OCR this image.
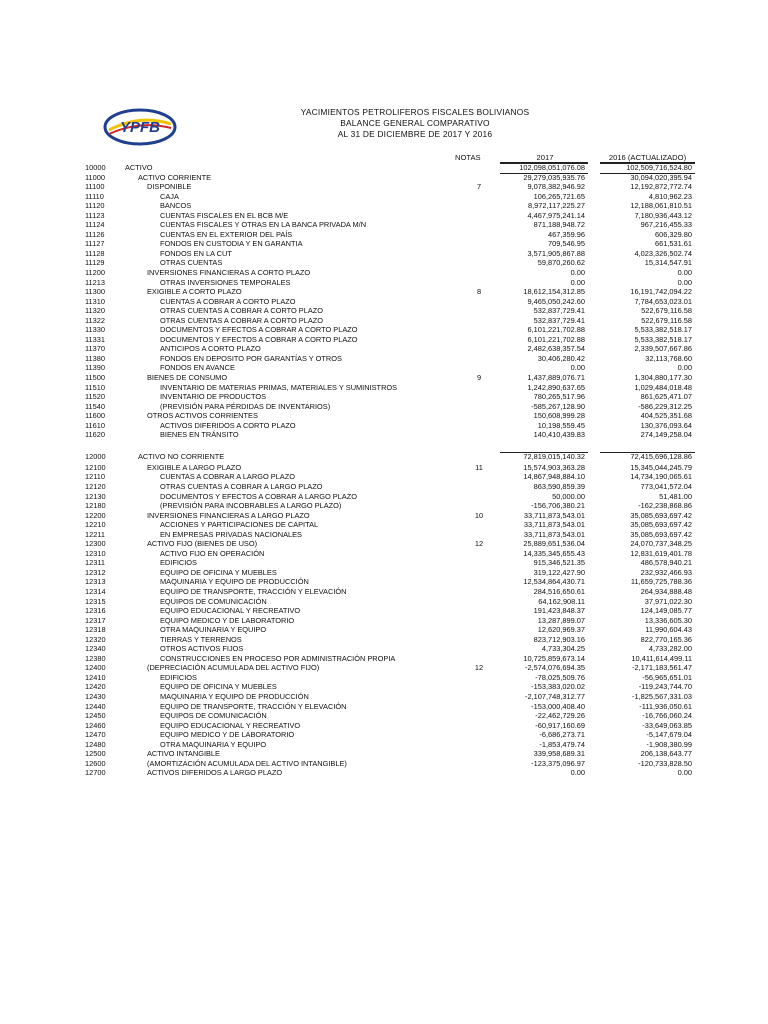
YPFB
YACIMIENTOS PETROLIFEROS FISCALES BOLIVIANOS
BALANCE GENERAL COMPARATIVO
AL 31 DE DICIEMBRE DE 2017 Y 2016
NOTAS	2017	2016 (ACTUALIZADO)
10000	ACTIVO	102,098,051,076.08	102,509,716,524.80
11000	ACTIVO CORRIENTE	29,279,035,935.76	30,094,020,395.94
11100	DISPONIBLE	7	9,078,382,946.92	12,192,872,772.74
11110	CAJA	106,265,721.65	4,810,962.23
11120	BANCOS	8,972,117,225.27	12,188,061,810.51
11123	CUENTAS FISCALES EN EL BCB M/E	4,467,975,241.14	7,180,936,443.12
11124	CUENTAS FISCALES Y OTRAS EN LA BANCA PRIVADA M/N	871,188,948.72	967,216,455.33
11126	CUENTAS EN EL EXTERIOR DEL PAÍS	467,359.96	606,329.80
11127	FONDOS EN CUSTODIA Y EN GARANTIA	709,546.95	661,531.61
11128	FONDOS EN LA CUT	3,571,905,867.88	4,023,326,502.74
11129	OTRAS CUENTAS	59,870,260.62	15,314,547.91
11200	INVERSIONES FINANCIERAS A CORTO PLAZO	0.00	0.00
11213	OTRAS INVERSIONES TEMPORALES	0.00	0.00
11300	EXIGIBLE A CORTO PLAZO	8	18,612,154,312.85	16,191,742,094.22
11310	CUENTAS A COBRAR A CORTO PLAZO	9,465,050,242.60	7,784,653,023.01
11320	OTRAS CUENTAS A COBRAR A CORTO PLAZO	532,837,729.41	522,679,116.58
11322	OTRAS CUENTAS A COBRAR A CORTO PLAZO	532,837,729.41	522,679,116.58
11330	DOCUMENTOS Y EFECTOS A COBRAR A CORTO PLAZO	6,101,221,702.88	5,533,382,518.17
11331	DOCUMENTOS Y EFECTOS A COBRAR A CORTO PLAZO	6,101,221,702.88	5,533,382,518.17
11370	ANTICIPOS A CORTO PLAZO	2,482,638,357.54	2,339,507,667.86
11380	FONDOS EN DEPOSITO POR GARANTÍAS Y OTROS	30,406,280.42	32,113,768.60
11390	FONDOS EN AVANCE	0.00	0.00
11500	BIENES DE CONSUMO	9	1,437,889,076.71	1,304,880,177.30
11510	INVENTARIO DE MATERIAS PRIMAS, MATERIALES Y SUMINISTROS	1,242,890,637.65	1,029,484,018.48
11520	INVENTARIO DE PRODUCTOS	780,265,517.96	861,625,471.07
11540	(PREVISIÓN PARA PÉRDIDAS DE INVENTARIOS)	-585,267,128.90	-586,229,312.25
11600	OTROS ACTIVOS CORRIENTES	150,608,999.28	404,525,351.68
11610	ACTIVOS DIFERIDOS A CORTO PLAZO	10,198,559.45	130,376,093.64
11620	BIENES EN TRÁNSITO	140,410,439.83	274,149,258.04
12000	ACTIVO NO CORRIENTE	72,819,015,140.32	72,415,696,128.86
12100	EXIGIBLE A LARGO PLAZO	11	15,574,903,363.28	15,345,044,245.79
12110	CUENTAS A COBRAR A LARGO PLAZO	14,867,948,884.10	14,734,190,065.61
12120	OTRAS CUENTAS A COBRAR A LARGO PLAZO	863,590,859.39	773,041,572.04
12130	DOCUMENTOS Y EFECTOS A COBRAR A LARGO PLAZO	50,000.00	51,481.00
12180	(PREVISIÓN PARA INCOBRABLES A LARGO PLAZO)	-156,706,380.21	-162,238,868.86
12200	INVERSIONES FINANCIERAS A LARGO PLAZO	10	33,711,873,543.01	35,085,693,697.42
12210	ACCIONES Y PARTICIPACIONES DE CAPITAL	33,711,873,543.01	35,085,693,697.42
12211	EN EMPRESAS PRIVADAS NACIONALES	33,711,873,543.01	35,085,693,697.42
12300	ACTIVO FIJO (BIENES DE USO)	12	25,889,651,536.04	24,070,737,348.25
12310	ACTIVO FIJO EN OPERACIÓN	14,335,345,655.43	12,831,619,401.78
12311	EDIFICIOS	915,346,521.35	486,578,940.21
12312	EQUIPO DE OFICINA Y MUEBLES	319,122,427.90	232,932,466.93
12313	MAQUINARIA Y EQUIPO DE PRODUCCIÓN	12,534,864,430.71	11,659,725,788.36
12314	EQUIPO DE TRANSPORTE, TRACCIÓN Y ELEVACIÓN	284,516,650.61	264,934,888.48
12315	EQUIPOS DE COMUNICACIÓN	64,162,908.11	37,971,022.30
12316	EQUIPO EDUCACIONAL Y RECREATIVO	191,423,848.37	124,149,085.77
12317	EQUIPO MEDICO Y DE LABORATORIO	13,287,899.07	13,336,605.30
12318	OTRA MAQUINARIA Y EQUIPO	12,620,969.37	11,990,604.43
12320	TIERRAS Y TERRENOS	823,712,903.16	822,770,165.36
12340	OTROS ACTIVOS FIJOS	4,733,304.25	4,733,282.00
12380	CONSTRUCCIONES EN PROCESO POR ADMINISTRACIÓN PROPIA	10,725,859,673.14	10,411,614,499.11
12400	(DEPRECIACIÓN ACUMULADA DEL ACTIVO FIJO)	12	-2,574,076,694.35	-2,171,183,561.47
12410	EDIFICIOS	-78,025,509.76	-56,965,651.01
12420	EQUIPO DE OFICINA Y MUEBLES	-153,383,020.02	-119,243,744.70
12430	MAQUINARIA Y EQUIPO DE PRODUCCIÓN	-2,107,748,312.77	-1,825,567,331.03
12440	EQUIPO DE TRANSPORTE, TRACCIÓN Y ELEVACIÓN	-153,000,408.40	-111,936,050.61
12450	EQUIPOS DE COMUNICACIÓN	-22,462,729.26	-16,766,060.24
12460	EQUIPO EDUCACIONAL Y RECREATIVO	-60,917,160.69	-33,649,063.85
12470	EQUIPO MEDICO Y DE LABORATORIO	-6,686,273.71	-5,147,679.04
12480	OTRA MAQUINARIA Y EQUIPO	-1,853,479.74	-1,908,380.99
12500	ACTIVO INTANGIBLE	339,958,689.31	206,138,643.77
12600	(AMORTIZACIÓN ACUMULADA DEL ACTIVO INTANGIBLE)	-123,375,096.97	-120,733,828.50
12700	ACTIVOS DIFERIDOS A LARGO PLAZO	0.00	0.00
